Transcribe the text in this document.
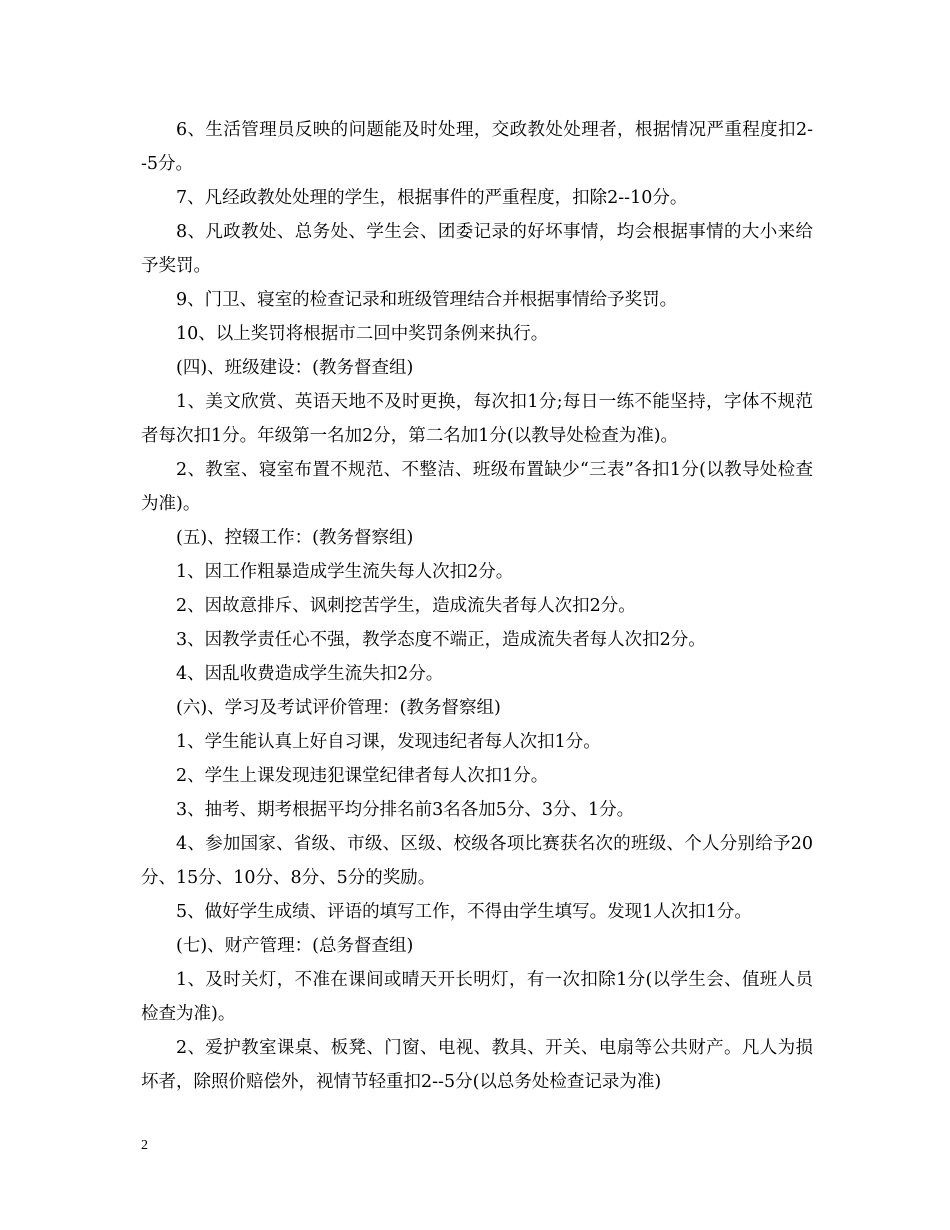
6、生活管理员反映的问题能及时处理，交政教处处理者，根据情况严重程度扣2--5分。

7、凡经政教处处理的学生，根据事件的严重程度，扣除2--10分。

8、凡政教处、总务处、学生会、团委记录的好坏事情，均会根据事情的大小来给予奖罚。

9、门卫、寝室的检查记录和班级管理结合并根据事情给予奖罚。

10、以上奖罚将根据市二回中奖罚条例来执行。

(四)、班级建设：(教务督查组)

1、美文欣赏、英语天地不及时更换，每次扣1分;每日一练不能坚持，字体不规范者每次扣1分。年级第一名加2分，第二名加1分(以教导处检查为准)。

2、教室、寝室布置不规范、不整洁、班级布置缺少“三表”各扣1分(以教导处检查为准)。

(五)、控辍工作：(教务督察组)

1、因工作粗暴造成学生流失每人次扣2分。

2、因故意排斥、讽刺挖苦学生，造成流失者每人次扣2分。

3、因教学责任心不强，教学态度不端正，造成流失者每人次扣2分。

4、因乱收费造成学生流失扣2分。

(六)、学习及考试评价管理：(教务督察组)

1、学生能认真上好自习课，发现违纪者每人次扣1分。

2、学生上课发现违犯课堂纪律者每人次扣1分。

3、抽考、期考根据平均分排名前3名各加5分、3分、1分。

4、参加国家、省级、市级、区级、校级各项比赛获名次的班级、个人分别给予20分、15分、10分、8分、5分的奖励。

5、做好学生成绩、评语的填写工作，不得由学生填写。发现1人次扣1分。

(七)、财产管理：(总务督查组)

1、及时关灯，不准在课间或晴天开长明灯，有一次扣除1分(以学生会、值班人员检查为准)。

2、爱护教室课桌、板凳、门窗、电视、教具、开关、电扇等公共财产。凡人为损坏者，除照价赔偿外，视情节轻重扣2--5分(以总务处检查记录为准)

2
